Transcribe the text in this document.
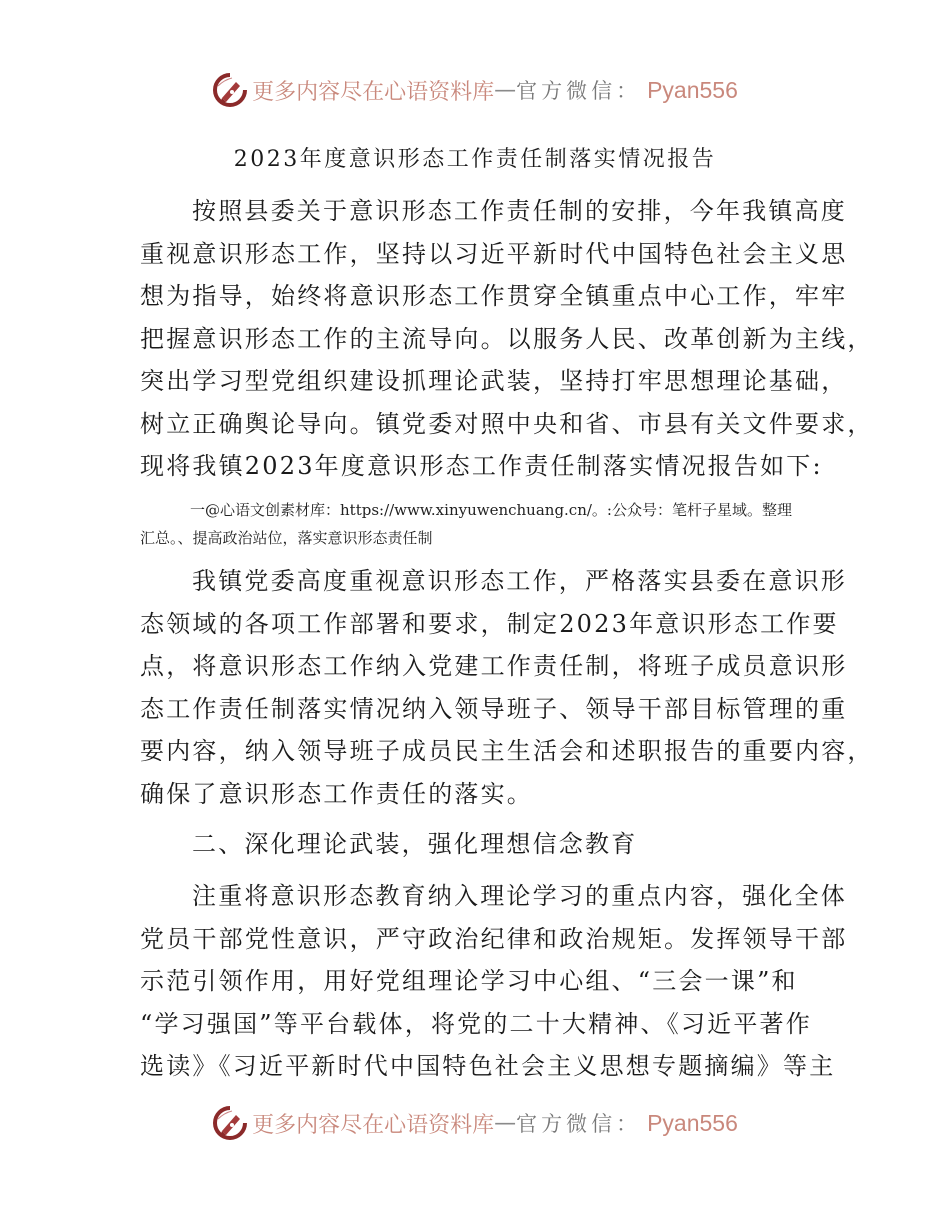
更多内容尽在心语资料库 — 官方微信： Pyan556
2023年度意识形态工作责任制落实情况报告
按照县委关于意识形态工作责任制的安排，今年我镇高度
重视意识形态工作，坚持以习近平新时代中国特色社会主义思
想为指导，始终将意识形态工作贯穿全镇重点中心工作，牢牢
把握意识形态工作的主流导向。以服务人民、改革创新为主线，
突出学习型党组织建设抓理论武装，坚持打牢思想理论基础，
树立正确舆论导向。镇党委对照中央和省、市县有关文件要求，
现将我镇2023年度意识形态工作责任制落实情况报告如下:
一@心语文创素材库：https://www.xinyuwenchuang.cn/。:公众号：笔杆子星域。整理
汇总。、提高政治站位，落实意识形态责任制
我镇党委高度重视意识形态工作，严格落实县委在意识形
态领域的各项工作部署和要求，制定2023年意识形态工作要
点，将意识形态工作纳入党建工作责任制，将班子成员意识形
态工作责任制落实情况纳入领导班子、领导干部目标管理的重
要内容，纳入领导班子成员民主生活会和述职报告的重要内容，
确保了意识形态工作责任的落实。
二、深化理论武装，强化理想信念教育
注重将意识形态教育纳入理论学习的重点内容，强化全体
党员干部党性意识，严守政治纪律和政治规矩。发挥领导干部
示范引领作用，用好党组理论学习中心组、“三会一课”和
“学习强国”等平台载体，将党的二十大精神、《习近平著作
选读》《习近平新时代中国特色社会主义思想专题摘编》等主
更多内容尽在心语资料库 — 官方微信： Pyan556
